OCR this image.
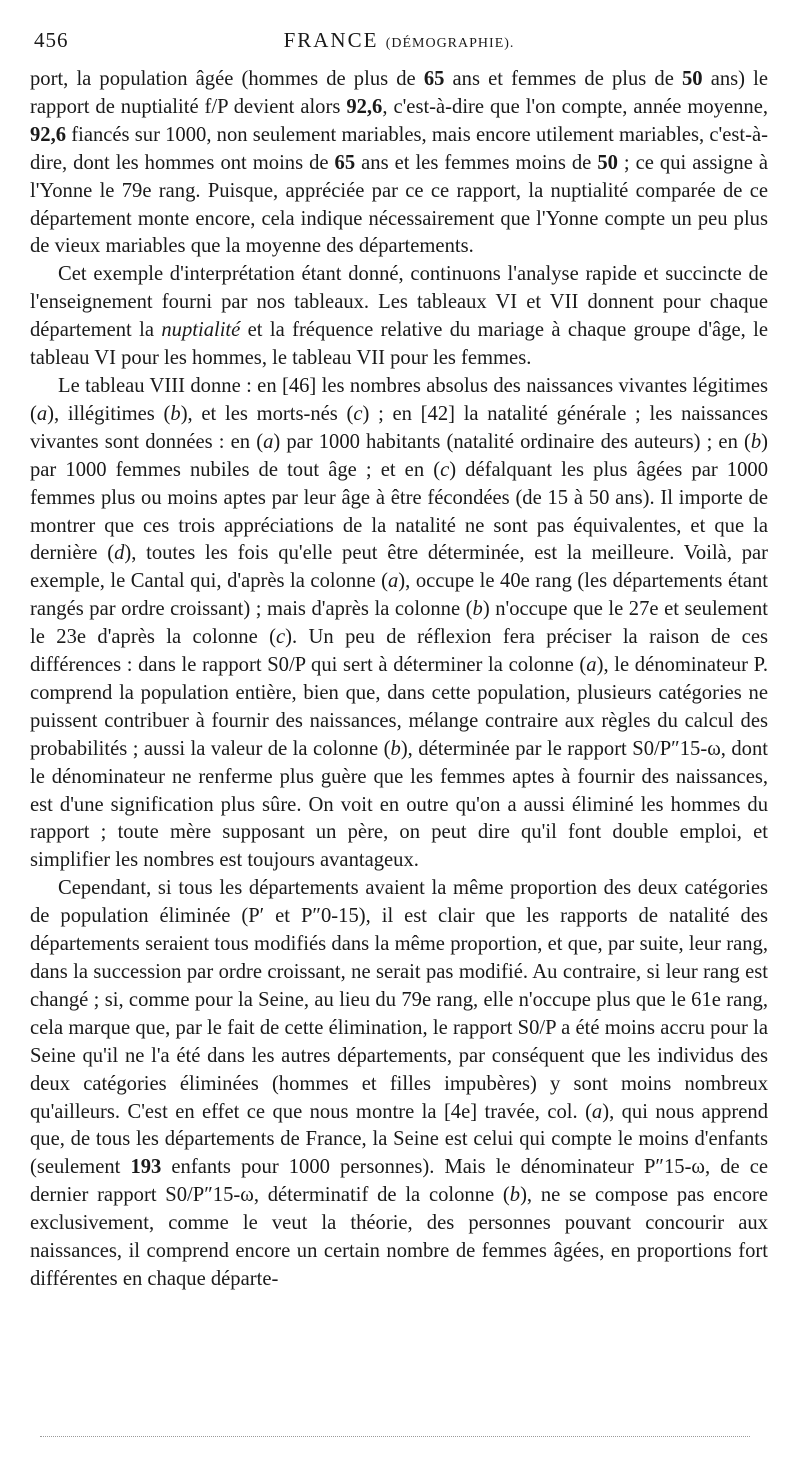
456	FRANCE (DÉMOGRAPHIE).

port, la population âgée (hommes de plus de 65 ans et femmes de plus de 50 ans) le rapport de nuptialité f/P devient alors 92,6, c'est-à-dire que l'on compte, année moyenne, 92,6 fiancés sur 1000, non seulement mariables, mais encore utilement mariables, c'est-à-dire, dont les hommes ont moins de 65 ans et les femmes moins de 50 ; ce qui assigne à l'Yonne le 79e rang. Puisque, appréciée par ce ce rapport, la nuptialité comparée de ce département monte encore, cela indique nécessairement que l'Yonne compte un peu plus de vieux mariables que la moyenne des départements.

Cet exemple d'interprétation étant donné, continuons l'analyse rapide et succincte de l'enseignement fourni par nos tableaux. Les tableaux VI et VII donnent pour chaque département la nuptialité et la fréquence relative du mariage à chaque groupe d'âge, le tableau VI pour les hommes, le tableau VII pour les femmes.

Le tableau VIII donne : en [46] les nombres absolus des naissances vivantes légitimes (a), illégitimes (b), et les morts-nés (c) ; en [42] la natalité générale ; les naissances vivantes sont données : en (a) par 1000 habitants (natalité ordinaire des auteurs) ; en (b) par 1000 femmes nubiles de tout âge ; et en (c) défalquant les plus âgées par 1000 femmes plus ou moins aptes par leur âge à être fécondées (de 15 à 50 ans). Il importe de montrer que ces trois appréciations de la natalité ne sont pas équivalentes, et que la dernière (d), toutes les fois qu'elle peut être déterminée, est la meilleure. Voilà, par exemple, le Cantal qui, d'après la colonne (a), occupe le 40e rang (les départements étant rangés par ordre croissant) ; mais d'après la colonne (b) n'occupe que le 27e et seulement le 23e d'après la colonne (c). Un peu de réflexion fera préciser la raison de ces différences : dans le rapport S0/P qui sert à déterminer la colonne (a), le dénominateur P. comprend la population entière, bien que, dans cette population, plusieurs catégories ne puissent contribuer à fournir des naissances, mélange contraire aux règles du calcul des probabilités ; aussi la valeur de la colonne (b), déterminée par le rapport S0/P″15-ω, dont le dénominateur ne renferme plus guère que les femmes aptes à fournir des naissances, est d'une signification plus sûre. On voit en outre qu'on a aussi éliminé les hommes du rapport ; toute mère supposant un père, on peut dire qu'il font double emploi, et simplifier les nombres est toujours avantageux.

Cependant, si tous les départements avaient la même proportion des deux catégories de population éliminée (P′ et P″0-15), il est clair que les rapports de natalité des départements seraient tous modifiés dans la même proportion, et que, par suite, leur rang, dans la succession par ordre croissant, ne serait pas modifié. Au contraire, si leur rang est changé ; si, comme pour la Seine, au lieu du 79e rang, elle n'occupe plus que le 61e rang, cela marque que, par le fait de cette élimination, le rapport S0/P a été moins accru pour la Seine qu'il ne l'a été dans les autres départements, par conséquent que les individus des deux catégories éliminées (hommes et filles impubères) y sont moins nombreux qu'ailleurs. C'est en effet ce que nous montre la [4e] travée, col. (a), qui nous apprend que, de tous les départements de France, la Seine est celui qui compte le moins d'enfants (seulement 193 enfants pour 1000 personnes). Mais le dénominateur P″15-ω, de ce dernier rapport S0/P″15-ω, déterminatif de la colonne (b), ne se compose pas encore exclusivement, comme le veut la théorie, des personnes pouvant concourir aux naissances, il comprend encore un certain nombre de femmes âgées, en proportions fort différentes en chaque départe-
